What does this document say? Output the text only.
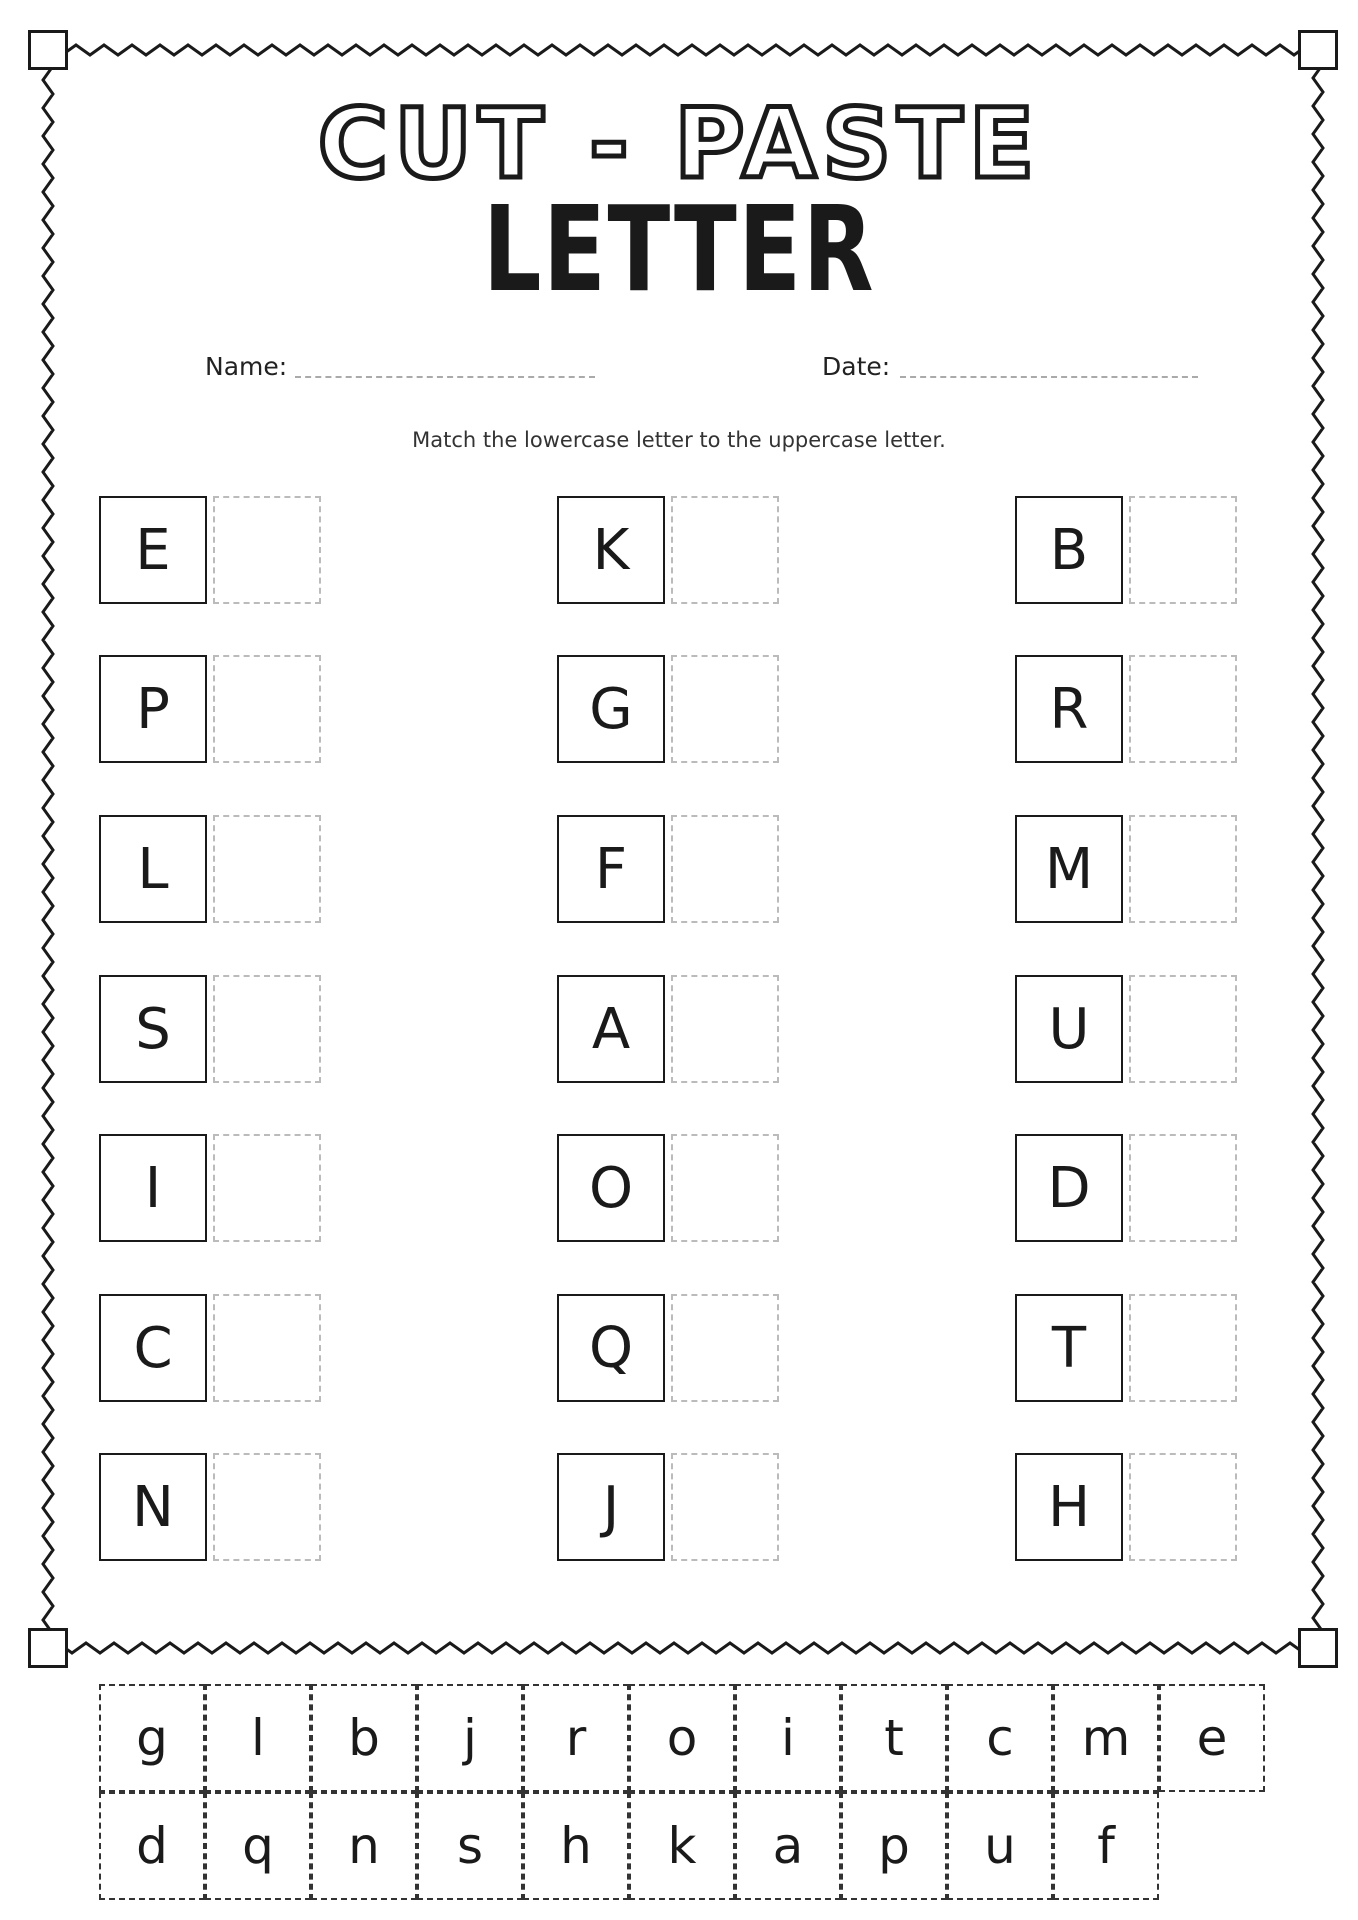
CUT - PASTE
LETTER
Name:	Date:
Match the lowercase letter to the uppercase letter.
E
P
L
S
I
C
N
K
G
F
A
O
Q
J
B
R
M
U
D
T
H
g	l	b	j	r	o	i	t	c	m	e
d	q	n	s	h	k	a	p	u	f
